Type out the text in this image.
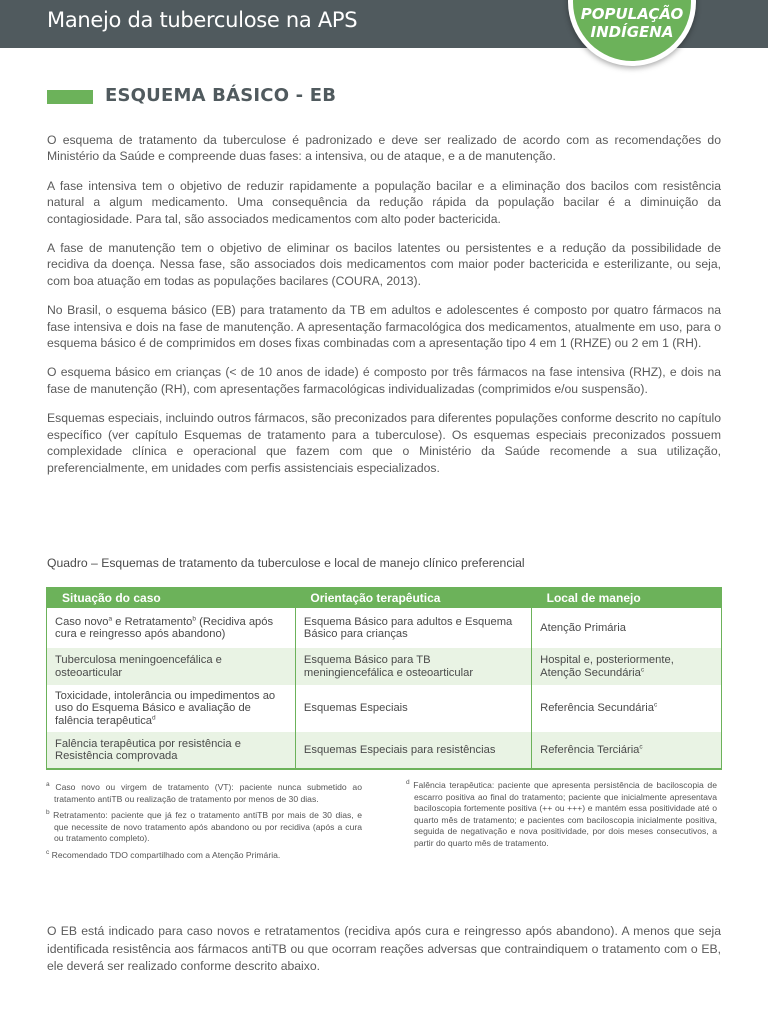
Manejo da tuberculose na APS	POPULAÇÃO
INDÍGENA
ESQUEMA BÁSICO - EB

O esquema de tratamento da tuberculose é padronizado e deve ser realizado de acordo com as recomendações do Ministério da Saúde e compreende duas fases: a intensiva, ou de ataque, e a de manutenção.

A fase intensiva tem o objetivo de reduzir rapidamente a população bacilar e a eliminação dos bacilos com resistência natural a algum medicamento. Uma consequência da redução rápida da população bacilar é a diminuição da contagiosidade. Para tal, são associados medicamentos com alto poder bactericida.

A fase de manutenção tem o objetivo de eliminar os bacilos latentes ou persistentes e a redução da possibilidade de recidiva da doença. Nessa fase, são associados dois medicamentos com maior poder bactericida e esterilizante, ou seja, com boa atuação em todas as populações bacilares (COURA, 2013).

No Brasil, o esquema básico (EB) para tratamento da TB em adultos e adolescentes é composto por quatro fármacos na fase intensiva e dois na fase de manutenção. A apresentação farmacológica dos medicamentos, atualmente em uso, para o esquema básico é de comprimidos em doses fixas combinadas com a apresentação tipo 4 em 1 (RHZE) ou 2 em 1 (RH).

O esquema básico em crianças (< de 10 anos de idade) é composto por três fármacos na fase intensiva (RHZ), e dois na fase de manutenção (RH), com apresentações farmacológicas individualizadas (comprimidos e/ou suspensão).

Esquemas especiais, incluindo outros fármacos, são preconizados para diferentes populações conforme descrito no capítulo específico (ver capítulo Esquemas de tratamento para a tuberculose). Os esquemas especiais preconizados possuem complexidade clínica e operacional que fazem com que o Ministério da Saúde recomende a sua utilização, preferencialmente, em unidades com perfis assistenciais especializados.

Quadro – Esquemas de tratamento da tuberculose e local de manejo clínico preferencial
Situação do caso	Orientação terapêutica	Local de manejo
Caso novo$^a$ e Retratamento$^b$ (Recidiva após cura e reingresso após abandono)	Esquema Básico para adultos e Esquema Básico para crianças	Atenção Primária
Tuberculosa meningoencefálica e osteoarticular	Esquema Básico para TB meningiencefálica e osteoarticular	Hospital e, posteriormente, Atenção Secundária$^c$
Toxicidade, intolerância ou impedimentos ao uso do Esquema Básico e avaliação de falência terapêutica$^d$	Esquemas Especiais	Referência Secundária$^c$
Falência terapêutica por resistência e Resistência comprovada	Esquemas Especiais para resistências	Referência Terciária$^c$
$^a$ Caso novo ou virgem de tratamento (VT): paciente nunca submetido ao tratamento antiTB ou realização de tratamento por menos de 30 dias.
$^b$ Retratamento: paciente que já fez o tratamento antiTB por mais de 30 dias, e que necessite de novo tratamento após abandono ou por recidiva (após a cura ou tratamento completo).
$^c$ Recomendado TDO compartilhado com a Atenção Primária.
$^d$ Falência terapêutica: paciente que apresenta persistência de baciloscopia de escarro positiva ao final do tratamento; paciente que inicialmente apresentava baciloscopia fortemente positiva (++ ou +++) e mantém essa positividade até o quarto mês de tratamento; e pacientes com baciloscopia inicialmente positiva, seguida de negativação e nova positividade, por dois meses consecutivos, a partir do quarto mês de tratamento.
O EB está indicado para caso novos e retratamentos (recidiva após cura e reingresso após abandono). A menos que seja identificada resistência aos fármacos antiTB ou que ocorram reações adversas que contraindiquem o tratamento com o EB, ele deverá ser realizado conforme descrito abaixo.
